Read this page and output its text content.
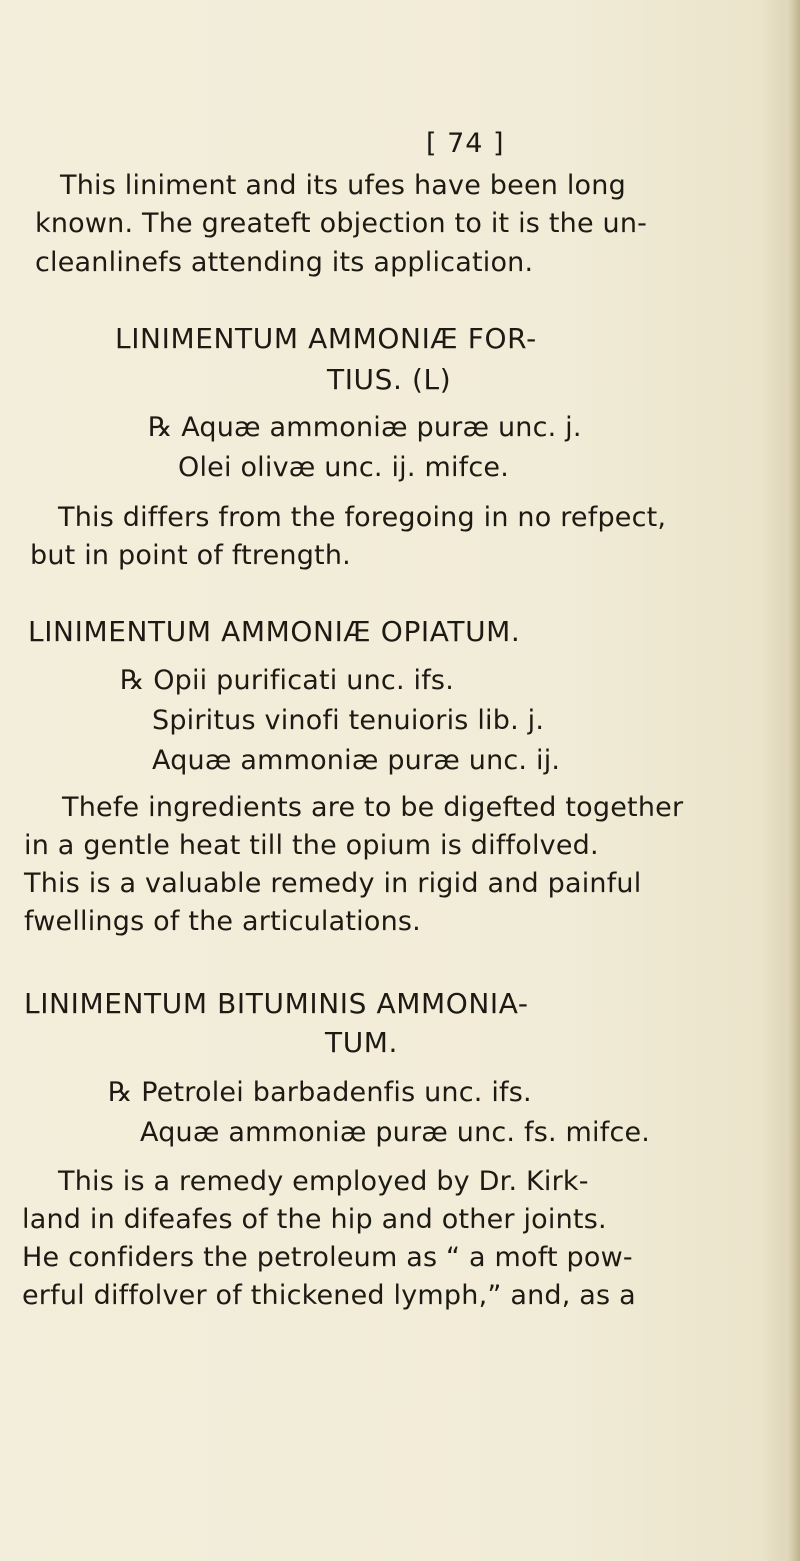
[ 74 ]
This liniment and its ufes have been long
known. The greateft objection to it is the un-
cleanlinefs attending its application.
LINIMENTUM AMMONIÆ FOR-
TIUS. (L)
℞ Aquæ ammoniæ puræ unc. j.
Olei olivæ unc. ij. mifce.
This differs from the foregoing in no refpect,
but in point of ftrength.
LINIMENTUM AMMONIÆ OPIATUM.
℞ Opii purificati unc. ifs.
Spiritus vinofi tenuioris lib. j.
Aquæ ammoniæ puræ unc. ij.
Thefe ingredients are to be digefted together
in a gentle heat till the opium is diffolved.
This is a valuable remedy in rigid and painful
fwellings of the articulations.
LINIMENTUM BITUMINIS AMMONIA-
TUM.
℞ Petrolei barbadenfis unc. ifs.
Aquæ ammoniæ puræ unc. fs. mifce.
This is a remedy employed by Dr. Kirk-
land in difeafes of the hip and other joints.
He confiders the petroleum as “ a moft pow-
erful diffolver of thickened lymph,” and, as a
